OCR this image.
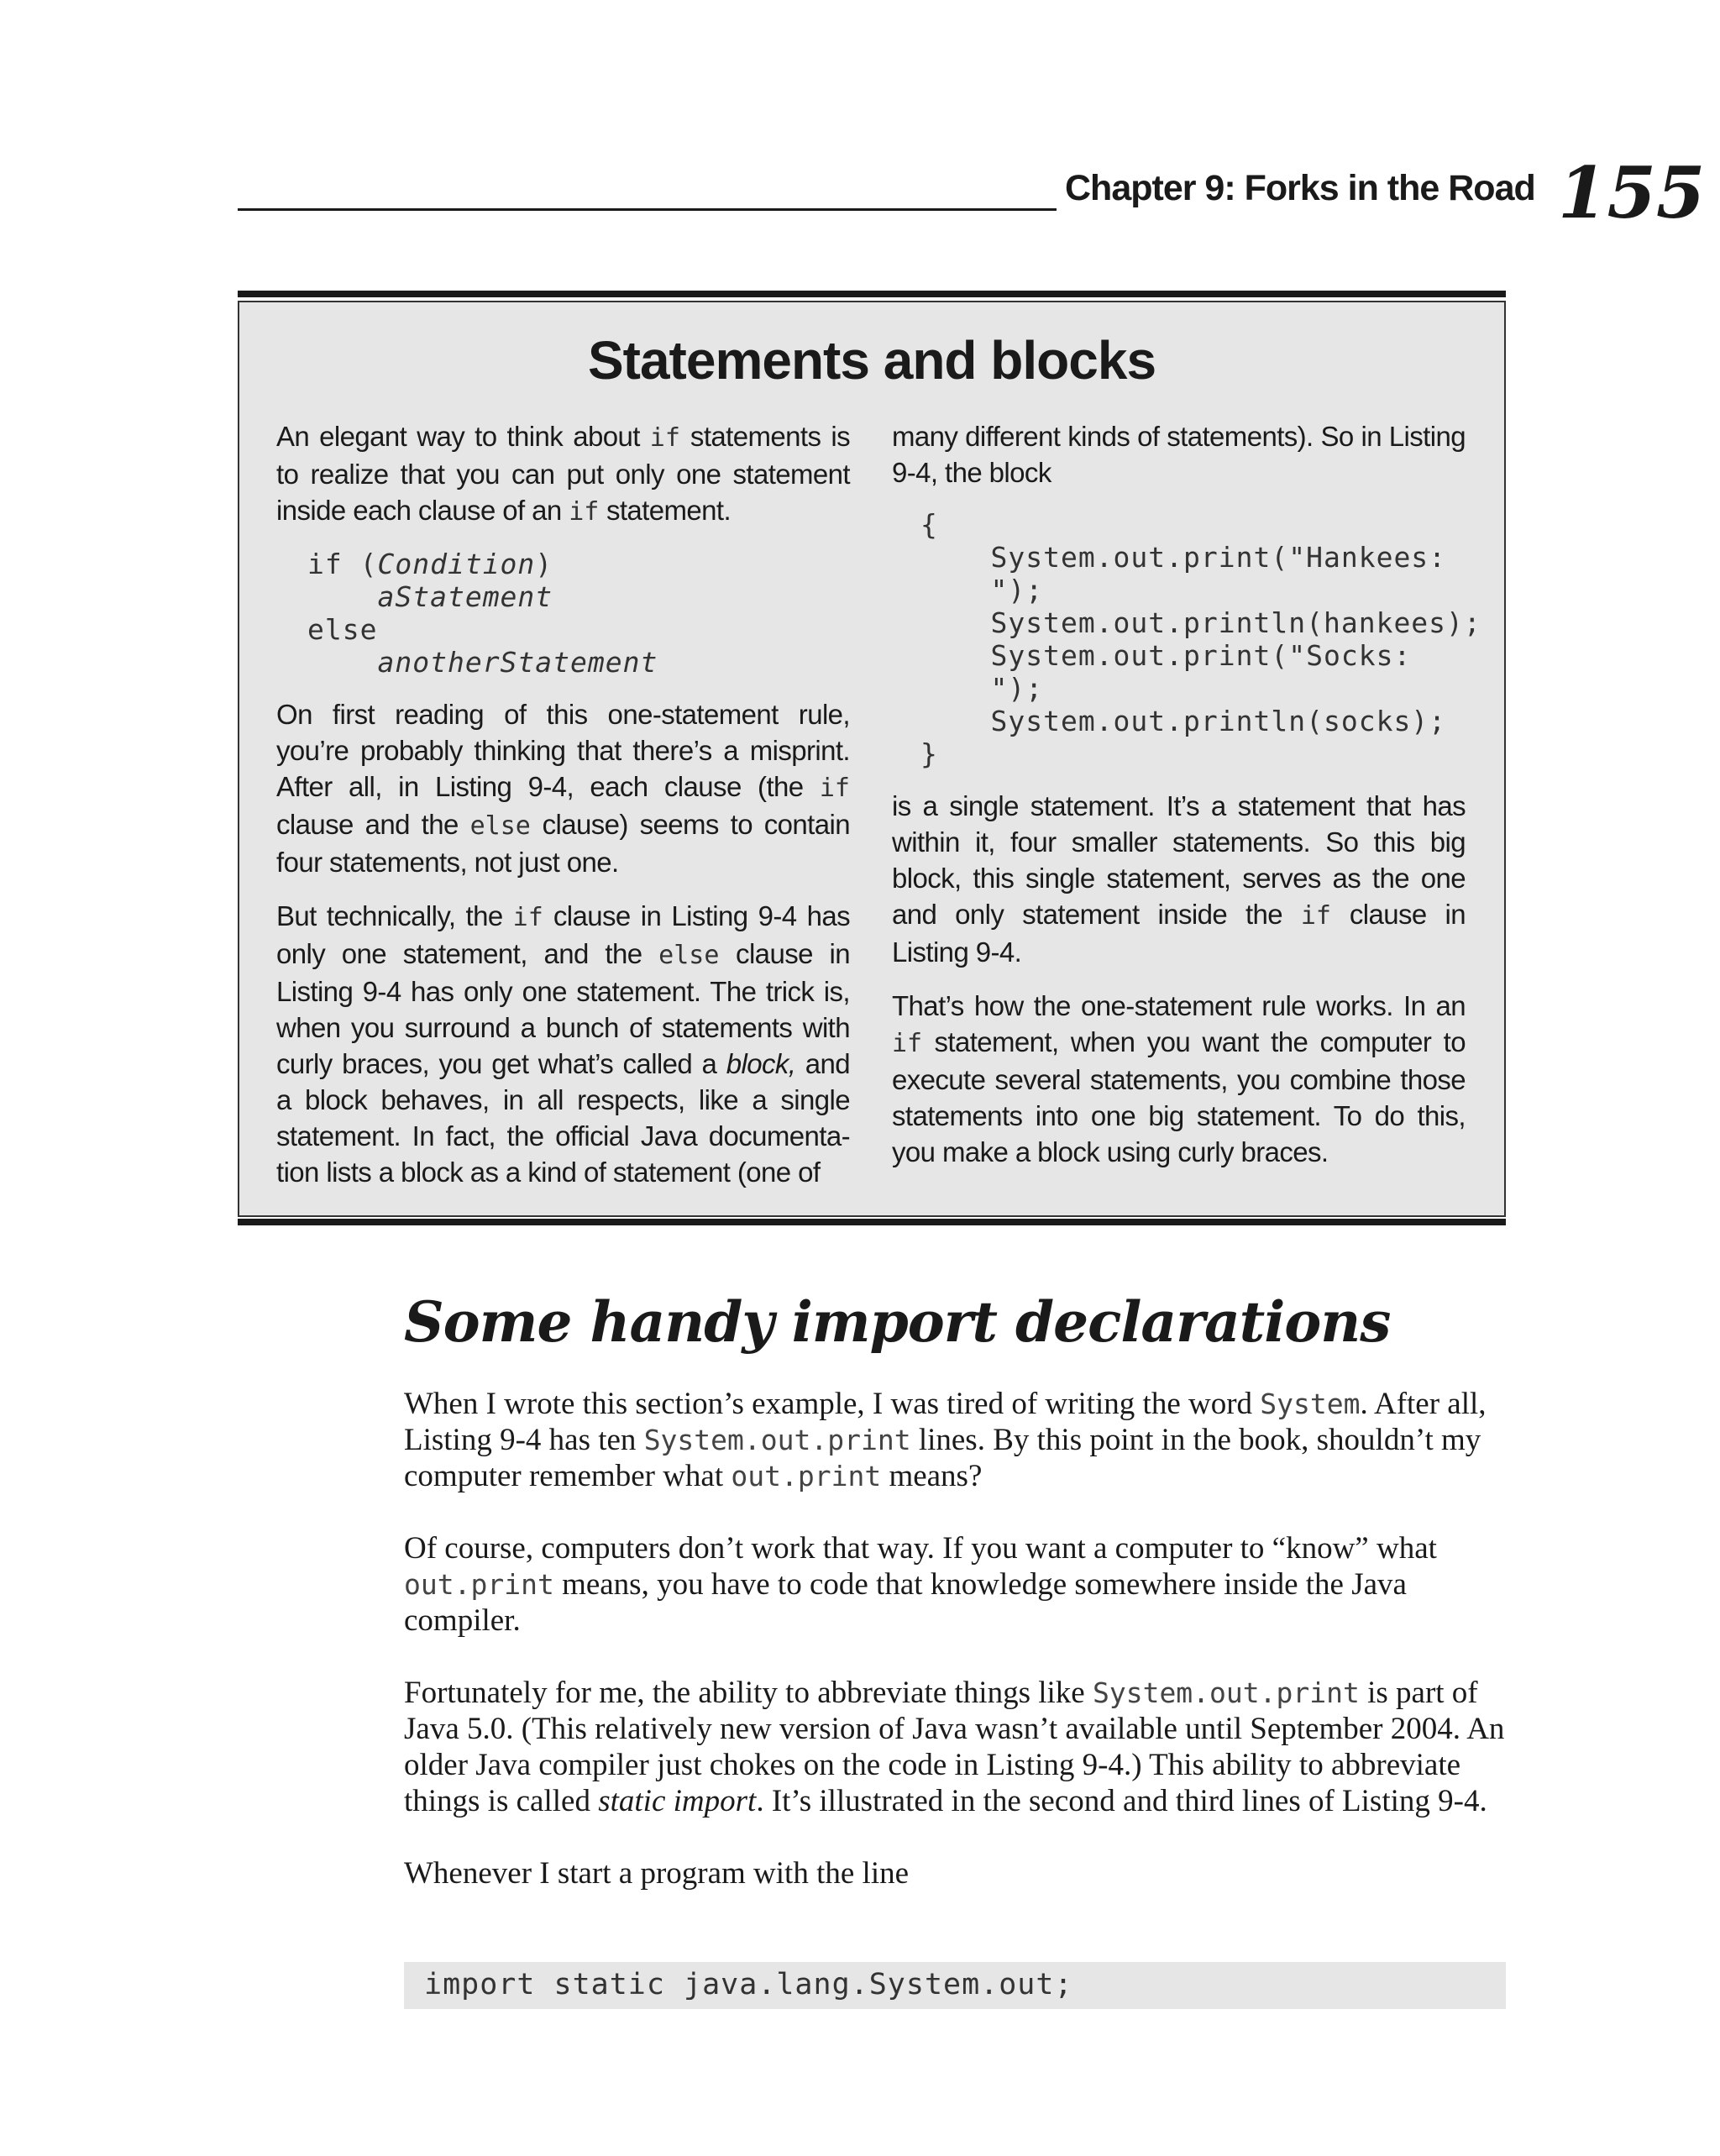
Chapter 9: Forks in the Road 155
Statements and blocks

An elegant way to think about if statements is to realize that you can put only one statement inside each clause of an if statement.

if (Condition)
aStatement
else
anotherStatement

On first reading of this one-statement rule, you’re probably thinking that there’s a misprint. After all, in Listing 9-4, each clause (the if clause and the else clause) seems to contain four statements, not just one.

But technically, the if clause in Listing 9-4 has only one statement, and the else clause in Listing 9-4 has only one statement. The trick is, when you surround a bunch of statements with curly braces, you get what’s called a block, and a block behaves, in all respects, like a single statement. In fact, the official Java documenta-tion lists a block as a kind of statement (one of

many different kinds of statements). So in Listing 9-4, the block

{
System.out.print("Hankees:
");
System.out.println(hankees);
System.out.print("Socks:
");
System.out.println(socks);
}

is a single statement. It’s a statement that has within it, four smaller statements. So this big block, this single statement, serves as the one and only statement inside the if clause in Listing 9-4.

That’s how the one-statement rule works. In an if statement, when you want the computer to execute several statements, you combine those statements into one big statement. To do this, you make a block using curly braces.

Some handy import declarations

When I wrote this section’s example, I was tired of writing the word System. After all, Listing 9-4 has ten System.out.print lines. By this point in the book, shouldn’t my computer remember what out.print means?

Of course, computers don’t work that way. If you want a computer to “know” what out.print means, you have to code that knowledge somewhere inside the Java compiler.

Fortunately for me, the ability to abbreviate things like System.out.print is part of Java 5.0. (This relatively new version of Java wasn’t available until September 2004. An older Java compiler just chokes on the code in Listing 9-4.) This ability to abbreviate things is called static import. It’s illustrated in the second and third lines of Listing 9-4.

Whenever I start a program with the line

import static java.lang.System.out;
